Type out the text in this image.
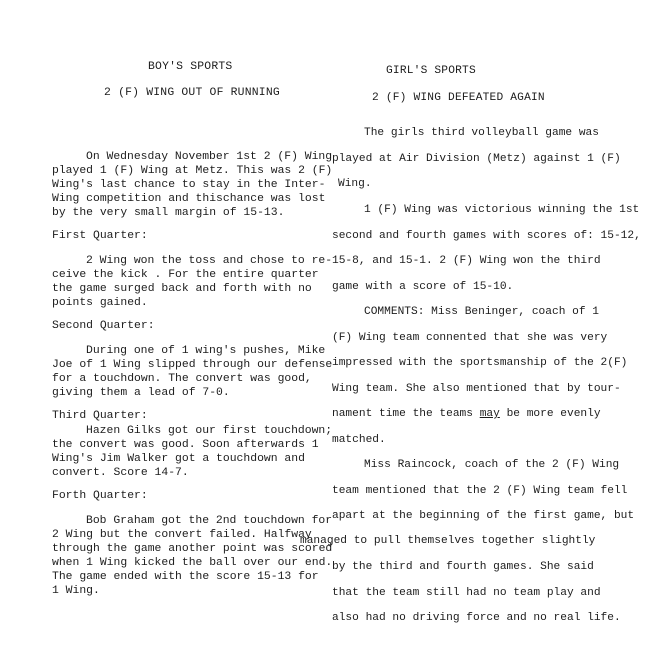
BOY'S SPORTS
2 (F) WING OUT OF RUNNING
On Wednesday November 1st 2 (F) Wing
played 1 (F) Wing at Metz. This was 2 (F)
Wing's last chance to stay in the Inter-
Wing competition and thischance was lost
by the very small margin of 15-13.
First Quarter:
2 Wing won the toss and chose to re-
ceive the kick . For the entire quarter
the game surged back and forth with no
points gained.
Second Quarter:
During one of 1 wing's pushes, Mike
Joe of 1 Wing slipped through our defense
for a touchdown. The convert was good,
giving them a lead of 7-0.
Third Quarter:
Hazen Gilks got our first touchdown;
the convert was good. Soon afterwards 1
Wing's Jim Walker got a touchdown and
convert. Score 14-7.
Forth Quarter:
Bob Graham got the 2nd touchdown for
2 Wing but the convert failed. Halfway
through the game another point was scored
when 1 Wing kicked the ball over our end.
The game ended with the score 15-13 for
1 Wing.
GIRL'S SPORTS
2 (F) WING DEFEATED AGAIN
The girls third volleyball game was
played at Air Division (Metz) against 1 (F)
Wing.
1 (F) Wing was victorious winning the 1st
second and fourth games with scores of: 15-12,
15-8, and 15-1. 2 (F) Wing won the third
game with a score of 15-10.
COMMENTS: Miss Beninger, coach of 1
(F) Wing team connented that she was very
impressed with the sportsmanship of the 2(F)
Wing team. She also mentioned that by tour-
nament time the teams may be more evenly
matched.
Miss Raincock, coach of the 2 (F) Wing
team mentioned that the 2 (F) Wing team fell
apart at the beginning of the first game, but
managed to pull themselves together slightly
by the third and fourth games. She said
that the team still had no team play and
also had no driving force and no real life.
